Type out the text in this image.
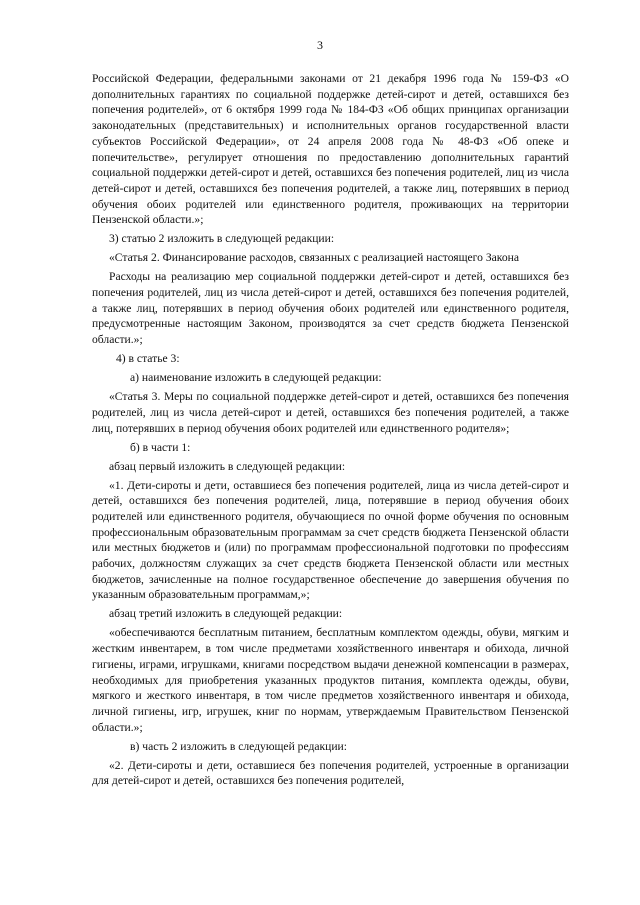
3

Российской Федерации, федеральными законами от 21 декабря 1996 года № 159-ФЗ «О дополнительных гарантиях по социальной поддержке детей-сирот и детей, оставшихся без попечения родителей», от 6 октября 1999 года № 184-ФЗ «Об общих принципах организации законодательных (представительных) и исполнительных органов государственной власти субъектов Российской Федерации», от 24 апреля 2008 года № 48-ФЗ «Об опеке и попечительстве», регулирует отношения по предоставлению дополнительных гарантий социальной поддержки детей-сирот и детей, оставшихся без попечения родителей, лиц из числа детей-сирот и детей, оставшихся без попечения родителей, а также лиц, потерявших в период обучения обоих родителей или единственного родителя, проживающих на территории Пензенской области.»;

3) статью 2 изложить в следующей редакции:

«Статья 2. Финансирование расходов, связанных с реализацией настоящего Закона

Расходы на реализацию мер социальной поддержки детей-сирот и детей, оставшихся без попечения родителей, лиц из числа детей-сирот и детей, оставшихся без попечения родителей, а также лиц, потерявших в период обучения обоих родителей или единственного родителя, предусмотренные настоящим Законом, производятся за счет средств бюджета Пензенской области.»;

4) в статье 3:

а) наименование изложить в следующей редакции:

«Статья 3. Меры по социальной поддержке детей-сирот и детей, оставшихся без попечения родителей, лиц из числа детей-сирот и детей, оставшихся без попечения родителей, а также лиц, потерявших в период обучения обоих родителей или единственного родителя»;

б) в части 1:

абзац первый изложить в следующей редакции:

«1. Дети-сироты и дети, оставшиеся без попечения родителей, лица из числа детей-сирот и детей, оставшихся без попечения родителей, лица, потерявшие в период обучения обоих родителей или единственного родителя, обучающиеся по очной форме обучения по основным профессиональным образовательным программам за счет средств бюджета Пензенской области или местных бюджетов и (или) по программам профессиональной подготовки по профессиям рабочих, должностям служащих за счет средств бюджета Пензенской области или местных бюджетов, зачисленные на полное государственное обеспечение до завершения обучения по указанным образовательным программам,»;

абзац третий изложить в следующей редакции:

«обеспечиваются бесплатным питанием, бесплатным комплектом одежды, обуви, мягким и жестким инвентарем, в том числе предметами хозяйственного инвентаря и обихода, личной гигиены, играми, игрушками, книгами посредством выдачи денежной компенсации в размерах, необходимых для приобретения указанных продуктов питания, комплекта одежды, обуви, мягкого и жесткого инвентаря, в том числе предметов хозяйственного инвентаря и обихода, личной гигиены, игр, игрушек, книг по нормам, утверждаемым Правительством Пензенской области.»;

в) часть 2 изложить в следующей редакции:

«2. Дети-сироты и дети, оставшиеся без попечения родителей, устроенные в организации для детей-сирот и детей, оставшихся без попечения родителей,
